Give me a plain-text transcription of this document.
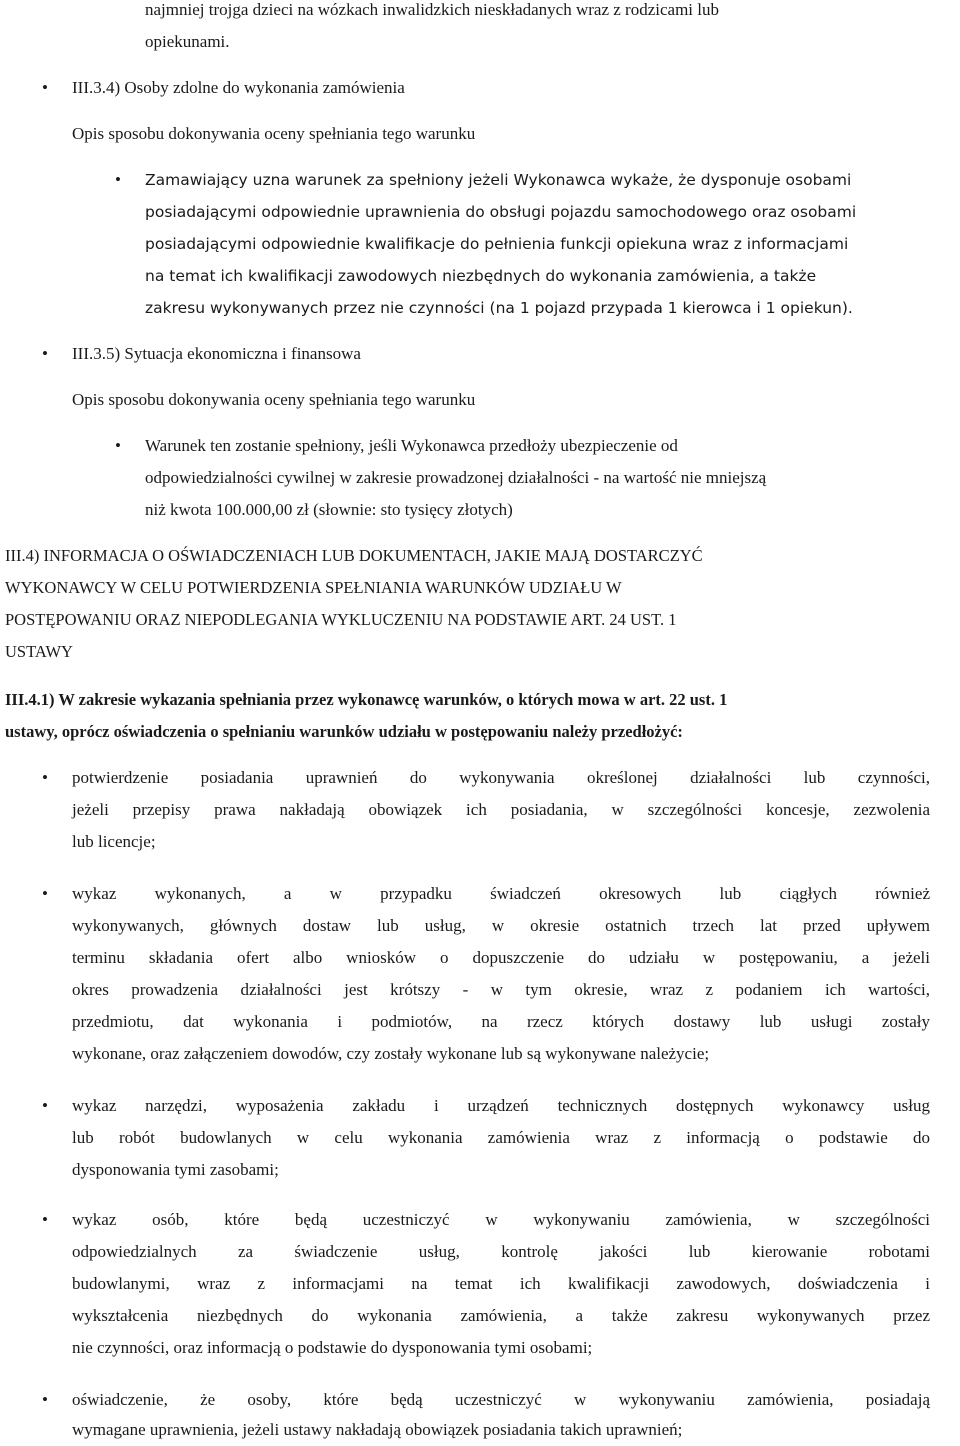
najmniej trojga dzieci na wózkach inwalidzkich nieskładanych wraz z rodzicami lub
opiekunami.
• III.3.4) Osoby zdolne do wykonania zamówienia
Opis sposobu dokonywania oceny spełniania tego warunku
• Zamawiający uzna warunek za spełniony jeżeli Wykonawca wykaże, że dysponuje osobami
posiadającymi odpowiednie uprawnienia do obsługi pojazdu samochodowego oraz osobami
posiadającymi odpowiednie kwalifikacje do pełnienia funkcji opiekuna wraz z informacjami
na temat ich kwalifikacji zawodowych niezbędnych do wykonania zamówienia, a także
zakresu wykonywanych przez nie czynności (na 1 pojazd przypada 1 kierowca i 1 opiekun).
• III.3.5) Sytuacja ekonomiczna i finansowa
Opis sposobu dokonywania oceny spełniania tego warunku
• Warunek ten zostanie spełniony, jeśli Wykonawca przedłoży ubezpieczenie od
odpowiedzialności cywilnej w zakresie prowadzonej działalności - na wartość nie mniejszą
niż kwota 100.000,00 zł (słownie: sto tysięcy złotych)
III.4) INFORMACJA O OŚWIADCZENIACH LUB DOKUMENTACH, JAKIE MAJĄ DOSTARCZYĆ
WYKONAWCY W CELU POTWIERDZENIA SPEŁNIANIA WARUNKÓW UDZIAŁU W
POSTĘPOWANIU ORAZ NIEPODLEGANIA WYKLUCZENIU NA PODSTAWIE ART. 24 UST. 1
USTAWY
III.4.1) W zakresie wykazania spełniania przez wykonawcę warunków, o których mowa w art. 22 ust. 1
ustawy, oprócz oświadczenia o spełnianiu warunków udziału w postępowaniu należy przedłożyć:
• potwierdzenie posiadania uprawnień do wykonywania określonej działalności lub czynności,
jeżeli przepisy prawa nakładają obowiązek ich posiadania, w szczególności koncesje, zezwolenia
lub licencje;
• wykaz wykonanych, a w przypadku świadczeń okresowych lub ciągłych również
wykonywanych, głównych dostaw lub usług, w okresie ostatnich trzech lat przed upływem
terminu składania ofert albo wniosków o dopuszczenie do udziału w postępowaniu, a jeżeli
okres prowadzenia działalności jest krótszy - w tym okresie, wraz z podaniem ich wartości,
przedmiotu, dat wykonania i podmiotów, na rzecz których dostawy lub usługi zostały
wykonane, oraz załączeniem dowodów, czy zostały wykonane lub są wykonywane należycie;
• wykaz narzędzi, wyposażenia zakładu i urządzeń technicznych dostępnych wykonawcy usług
lub robót budowlanych w celu wykonania zamówienia wraz z informacją o podstawie do
dysponowania tymi zasobami;
• wykaz osób, które będą uczestniczyć w wykonywaniu zamówienia, w szczególności
odpowiedzialnych za świadczenie usług, kontrolę jakości lub kierowanie robotami
budowlanymi, wraz z informacjami na temat ich kwalifikacji zawodowych, doświadczenia i
wykształcenia niezbędnych do wykonania zamówienia, a także zakresu wykonywanych przez
nie czynności, oraz informacją o podstawie do dysponowania tymi osobami;
• oświadczenie, że osoby, które będą uczestniczyć w wykonywaniu zamówienia, posiadają
wymagane uprawnienia, jeżeli ustawy nakładają obowiązek posiadania takich uprawnień;
